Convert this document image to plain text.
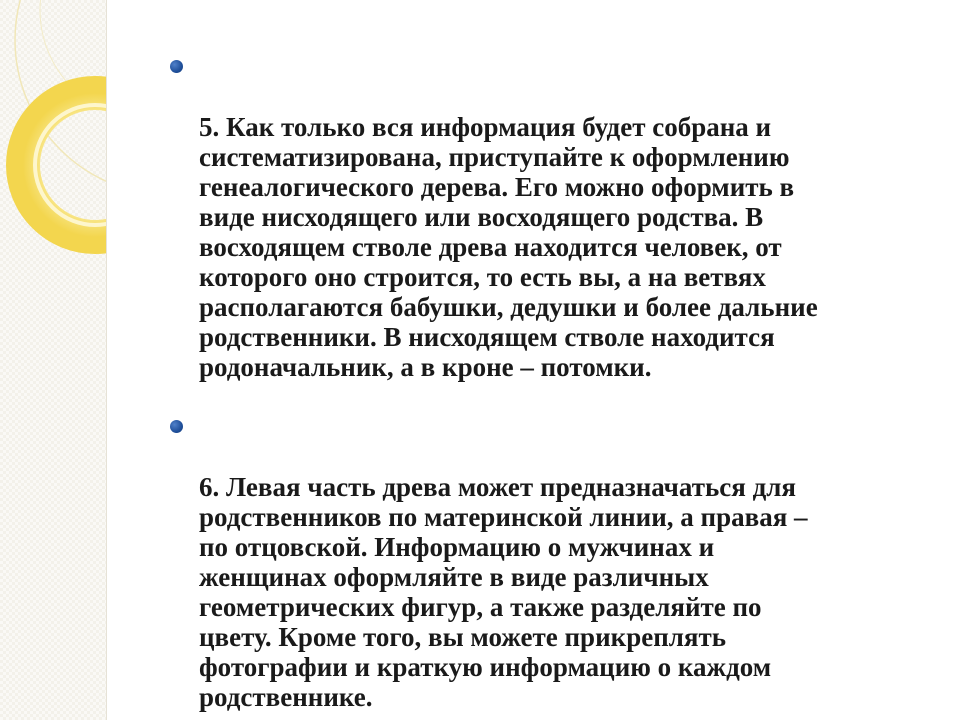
5. Как только вся информация будет собрана и
систематизирована, приступайте к оформлению
генеалогического дерева. Его можно оформить в
виде нисходящего или восходящего родства. В
восходящем стволе древа находится человек, от
которого оно строится, то есть вы, а на ветвях
располагаются бабушки, дедушки и более дальние
родственники. В нисходящем стволе находится
родоначальник, а в кроне – потомки.

6. Левая часть древа может предназначаться для
родственников по материнской линии, а правая –
по отцовской. Информацию о мужчинах и
женщинах оформляйте в виде различных
геометрических фигур, а также разделяйте по
цвету. Кроме того, вы можете прикреплять
фотографии и краткую информацию о каждом
родственнике.
